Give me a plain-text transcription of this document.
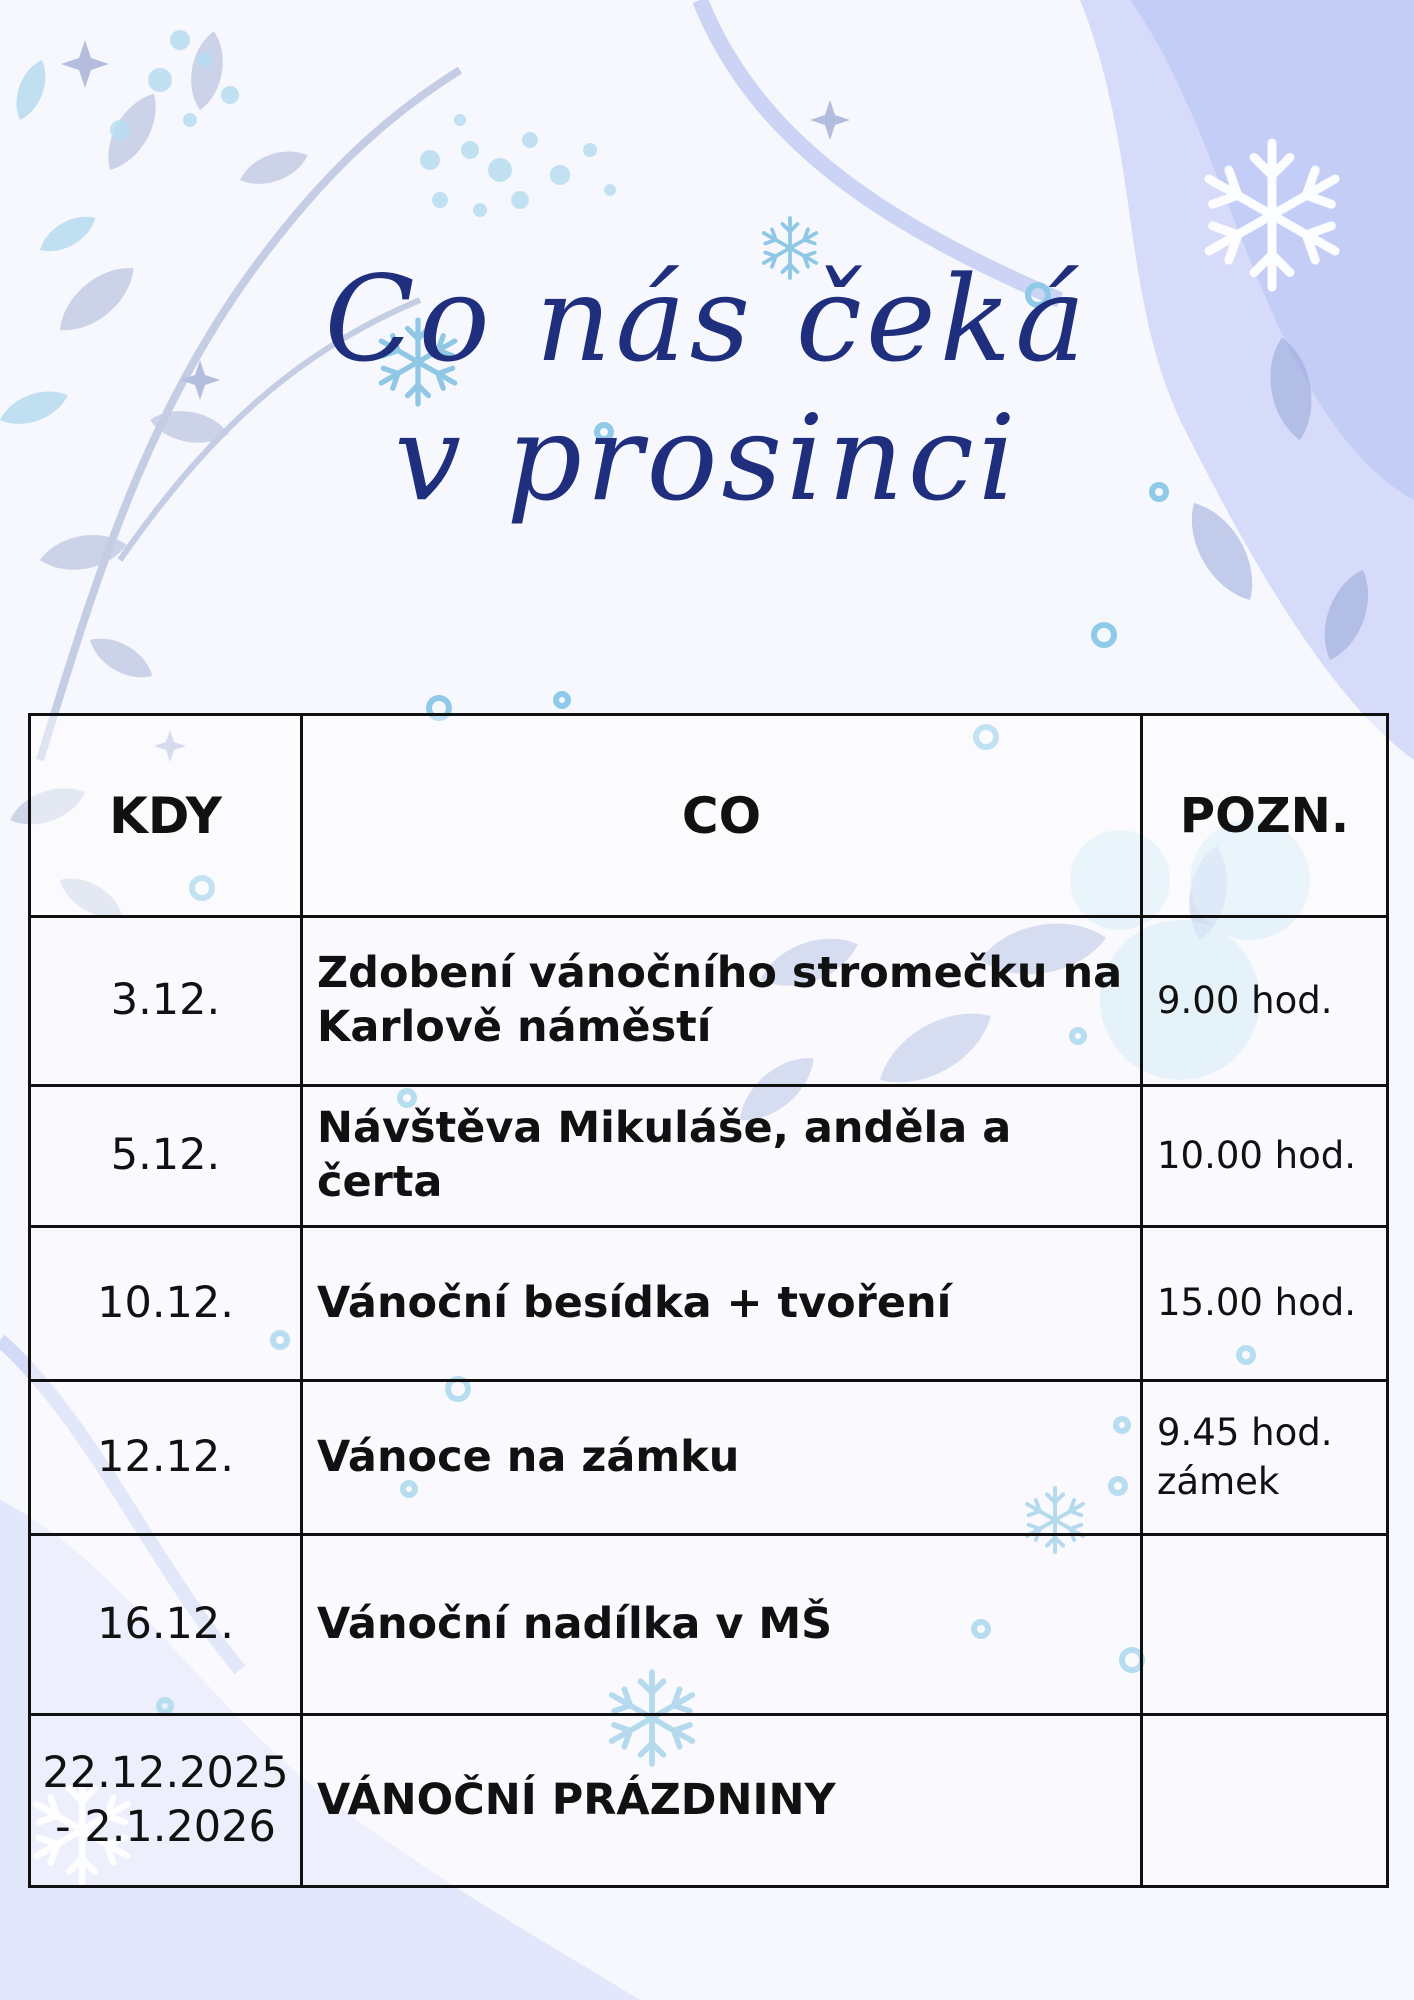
Co nás čeká
v prosinci
KDY	CO	POZN.
3.12.	Zdobení vánočního stromečku na Karlově náměstí	9.00 hod.

5.12.	Návštěva Mikuláše, anděla a čerta	10.00 hod.

10.12.	Vánoční besídka + tvoření	15.00 hod.

12.12.	Vánoce na zámku	9.45 hod.
zámek

16.12.	Vánoční nadílka v MŠ	

22.12.2025 - 2.1.2026	VÁNOČNÍ PRÁZDNINY	
